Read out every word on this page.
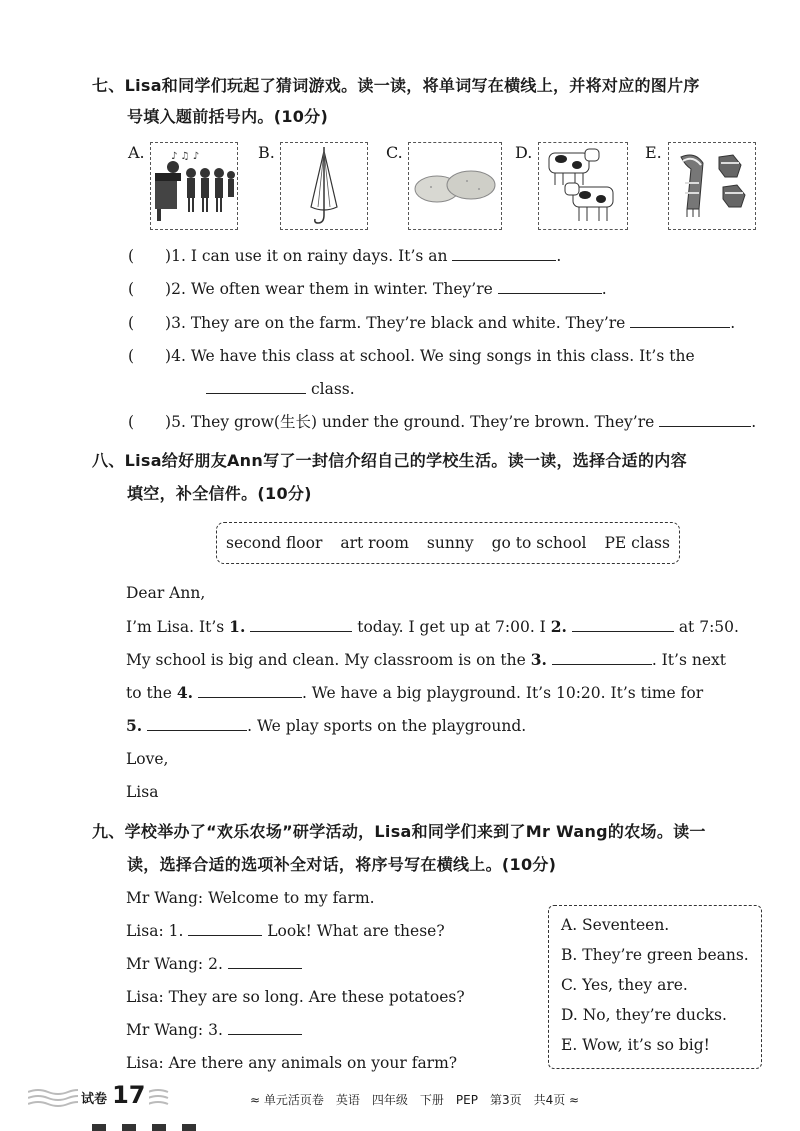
七、Lisa和同学们玩起了猜词游戏。读一读，将单词写在横线上，并将对应的图片序
号填入题前括号内。(10分)
A.	♪ ♫ ♪	B.	C.	D.	E.
(　　)1. I can use it on rainy days. It’s an	.
(　　)2. We often wear them in winter. They’re	.
(　　)3. They are on the farm. They’re black and white. They’re	.
(　　)4. We have this class at school. We sing songs in this class. It’s the
class.
(　　)5. They grow(生长) under the ground. They’re brown. They’re	.
八、Lisa给好朋友Ann写了一封信介绍自己的学校生活。读一读，选择合适的内容
填空，补全信件。(10分)
second floor art room sunny go to school PE class
Dear Ann,
I’m Lisa. It’s 1.	today. I get up at 7:00. I 2.	at 7:50.
My school is big and clean. My classroom is on the 3.	. It’s next
to the 4.	. We have a big playground. It’s 10:20. It’s time for
5.	. We play sports on the playground.
Love,
Lisa
九、学校举办了“欢乐农场”研学活动，Lisa和同学们来到了Mr Wang的农场。读一
读，选择合适的选项补全对话，将序号写在横线上。(10分)
Mr Wang: Welcome to my farm.
Lisa: 1.	Look! What are these?
Mr Wang: 2.
Lisa: They are so long. Are these potatoes?
Mr Wang: 3.
Lisa: Are there any animals on your farm?
A. Seventeen.
B. They’re green beans.
C. Yes, they are.
D. No, they’re ducks.
E. Wow, it’s so big!
试卷 17	≈ 单元活页卷　英语　四年级　下册　PEP　第3页　共4页 ≈
